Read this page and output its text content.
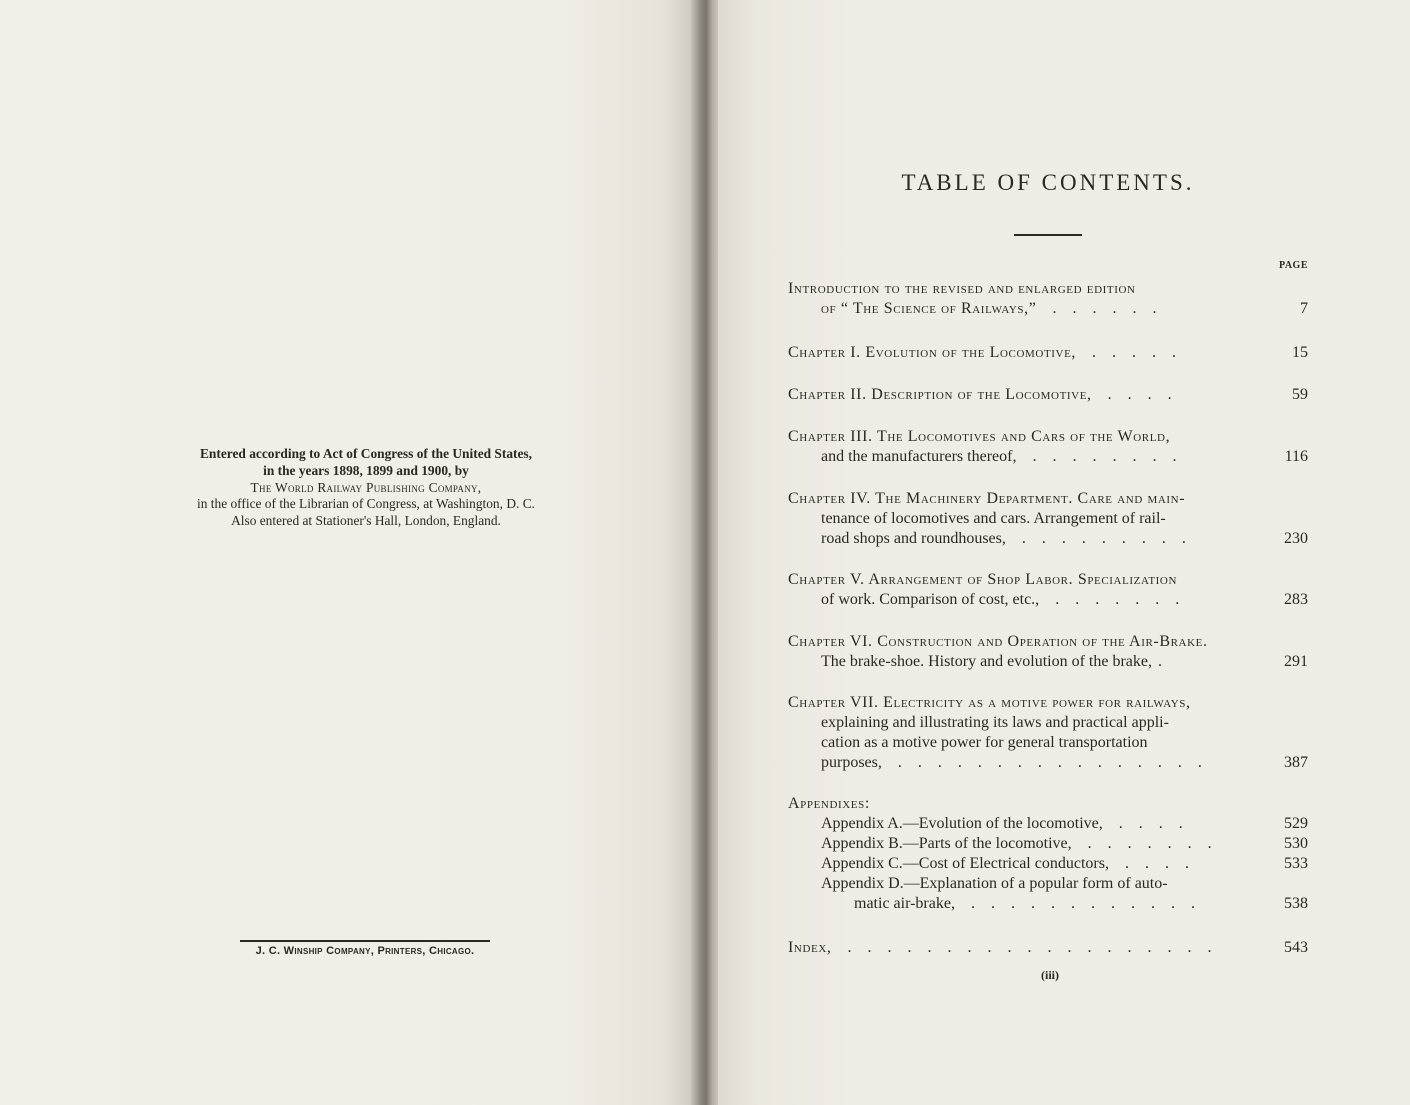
Entered according to Act of Congress of the United States,
in the years 1898, 1899 and 1900, by
The World Railway Publishing Company,
in the office of the Librarian of Congress, at Washington, D. C.
Also entered at Stationer's Hall, London, England.
J. C. Winship Company, Printers, Chicago.
TABLE OF CONTENTS.
PAGE
Introduction to the revised and enlarged edition
of “ The Science of Railways,” . . . . . .	7
Chapter I. Evolution of the Locomotive, . . . . .	15
Chapter II. Description of the Locomotive, . . . .	59
Chapter III. The Locomotives and Cars of the World,
and the manufacturers thereof, . . . . . . . .	116
Chapter IV. The Machinery Department. Care and main-
tenance of locomotives and cars. Arrangement of rail-
road shops and roundhouses, . . . . . . . . .	230
Chapter V. Arrangement of Shop Labor. Specialization
of work. Comparison of cost, etc., . . . . . . .	283
Chapter VI. Construction and Operation of the Air-Brake.
The brake-shoe. History and evolution of the brake, .	291
Chapter VII. Electricity as a motive power for railways,
explaining and illustrating its laws and practical appli-
cation as a motive power for general transportation
purposes, . . . . . . . . . . . . . . . .	387
Appendixes:
Appendix A.—Evolution of the locomotive, . . . .	529
Appendix B.—Parts of the locomotive, . . . . . . .	530
Appendix C.—Cost of Electrical conductors, . . . .	533
Appendix D.—Explanation of a popular form of auto-
matic air-brake, . . . . . . . . . . . .	538
Index, . . . . . . . . . . . . . . . . . . .	543
(iii)
